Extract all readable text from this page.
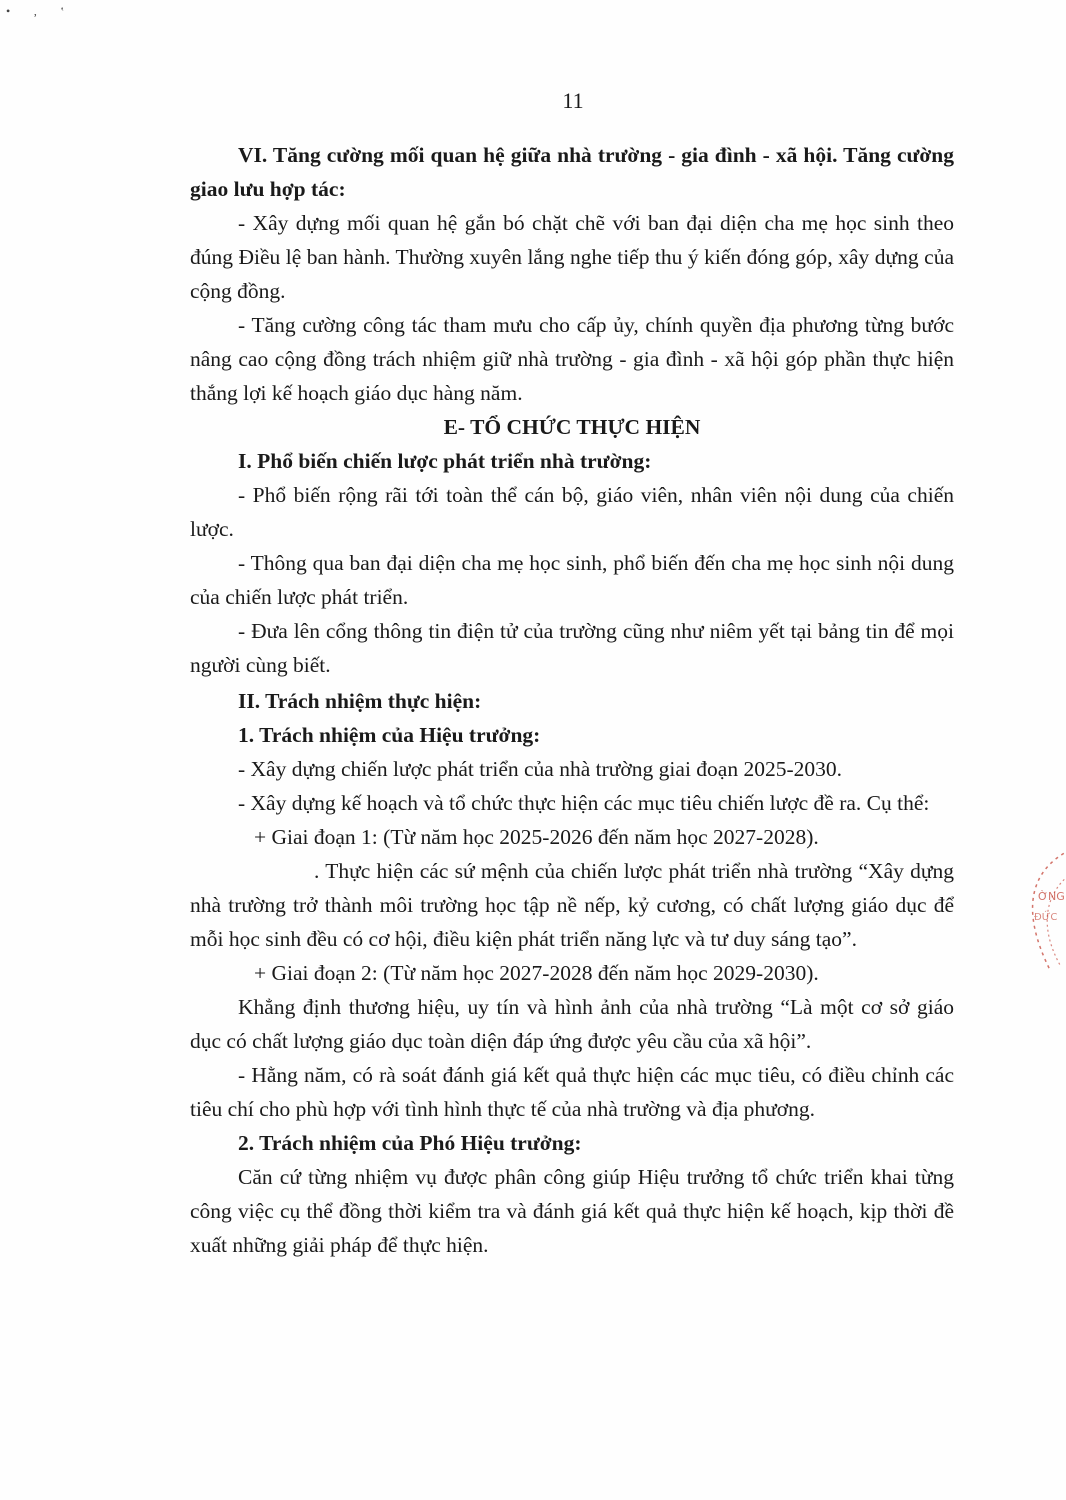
• ‚ ‛
11

VI. Tăng cường mối quan hệ giữa nhà trường - gia đình - xã hội. Tăng cường giao lưu hợp tác:

- Xây dựng mối quan hệ gắn bó chặt chẽ với ban đại diện cha mẹ học sinh theo đúng Điều lệ ban hành. Thường xuyên lắng nghe tiếp thu ý kiến đóng góp, xây dựng của cộng đồng.

- Tăng cường công tác tham mưu cho cấp ủy, chính quyền địa phương từng bước nâng cao cộng đồng trách nhiệm giữ nhà trường - gia đình - xã hội góp phần thực hiện thắng lợi kế hoạch giáo dục hàng năm.

E- TỔ CHỨC THỰC HIỆN

I. Phổ biến chiến lược phát triển nhà trường:

- Phổ biến rộng rãi tới toàn thể cán bộ, giáo viên, nhân viên nội dung của chiến lược.

- Thông qua ban đại diện cha mẹ học sinh, phổ biến đến cha mẹ học sinh nội dung của chiến lược phát triển.

- Đưa lên cổng thông tin điện tử của trường cũng như niêm yết tại bảng tin để mọi người cùng biết.

II. Trách nhiệm thực hiện:

1. Trách nhiệm của Hiệu trưởng:

- Xây dựng chiến lược phát triển của nhà trường giai đoạn 2025-2030.

- Xây dựng kế hoạch và tổ chức thực hiện các mục tiêu chiến lược đề ra. Cụ thể:

+ Giai đoạn 1: (Từ năm học 2025-2026 đến năm học 2027-2028).

. Thực hiện các sứ mệnh của chiến lược phát triển nhà trường “Xây dựng nhà trường trở thành môi trường học tập nề nếp, kỷ cương, có chất lượng giáo dục để mỗi học sinh đều có cơ hội, điều kiện phát triển năng lực và tư duy sáng tạo”.

+ Giai đoạn 2: (Từ năm học 2027-2028 đến năm học 2029-2030).

Khẳng định thương hiệu, uy tín và hình ảnh của nhà trường “Là một cơ sở giáo dục có chất lượng giáo dục toàn diện đáp ứng được yêu cầu của xã hội”.

- Hằng năm, có rà soát đánh giá kết quả thực hiện các mục tiêu, có điều chỉnh các tiêu chí cho phù hợp với tình hình thực tế của nhà trường và địa phương.

2. Trách nhiệm của Phó Hiệu trưởng:

Căn cứ từng nhiệm vụ được phân công giúp Hiệu trưởng tổ chức triển khai từng công việc cụ thể đồng thời kiểm tra và đánh giá kết quả thực hiện kế hoạch, kịp thời đề xuất những giải pháp để thực hiện.

ỜNG
ĐỨC
